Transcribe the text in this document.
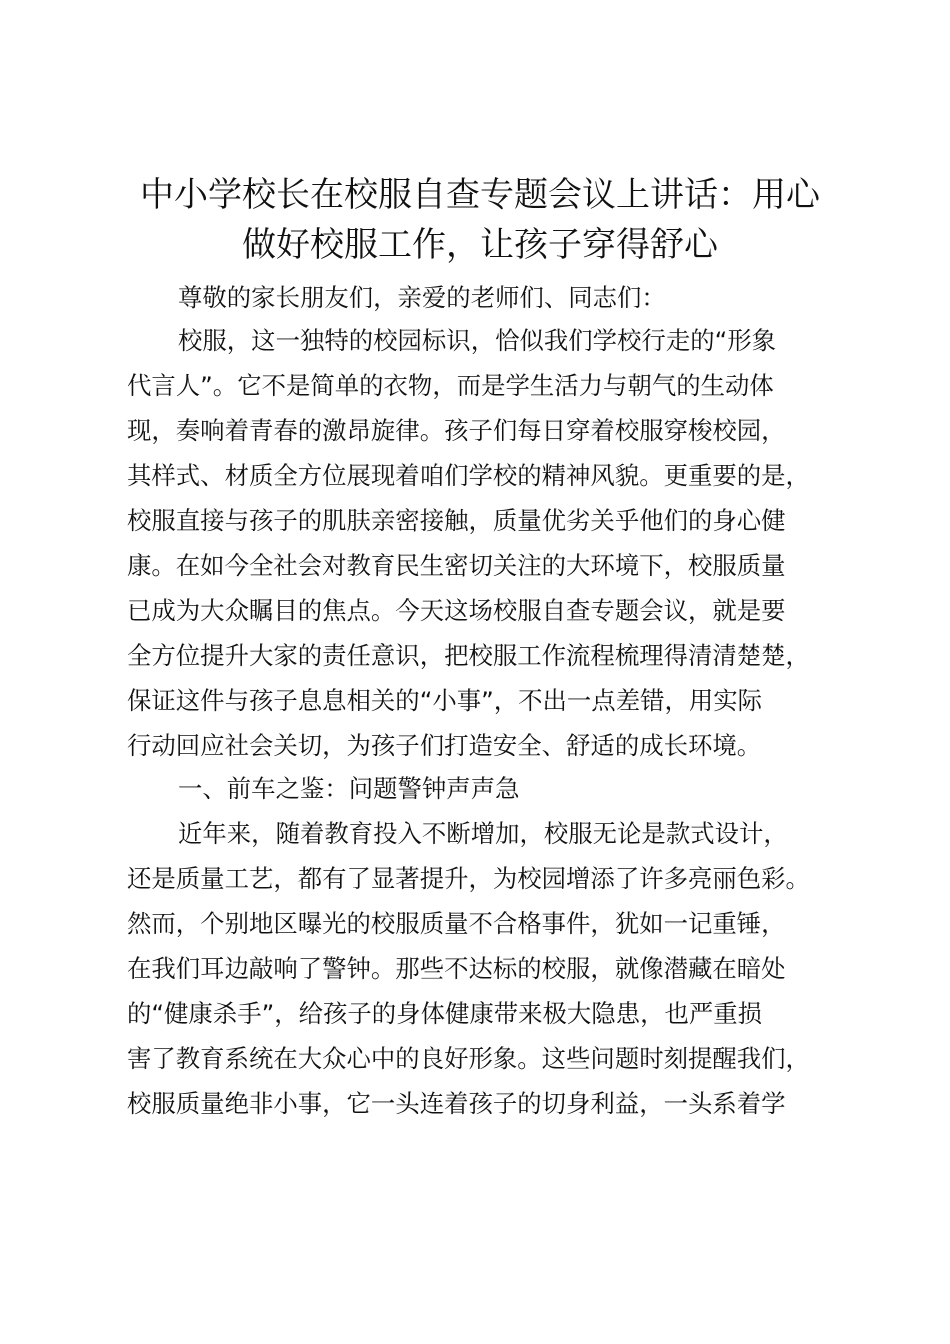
中小学校长在校服自查专题会议上讲话：用心
做好校服工作，让孩子穿得舒心

尊敬的家长朋友们，亲爱的老师们、同志们：

校服，这一独特的校园标识，恰似我们学校行走的“形象

代言人”。它不是简单的衣物，而是学生活力与朝气的生动体

现，奏响着青春的激昂旋律。孩子们每日穿着校服穿梭校园，

其样式、材质全方位展现着咱们学校的精神风貌。更重要的是，

校服直接与孩子的肌肤亲密接触，质量优劣关乎他们的身心健

康。在如今全社会对教育民生密切关注的大环境下，校服质量

已成为大众瞩目的焦点。今天这场校服自查专题会议，就是要

全方位提升大家的责任意识，把校服工作流程梳理得清清楚楚，

保证这件与孩子息息相关的“小事”，不出一点差错，用实际

行动回应社会关切，为孩子们打造安全、舒适的成长环境。

一、前车之鉴：问题警钟声声急

近年来，随着教育投入不断增加，校服无论是款式设计，

还是质量工艺，都有了显著提升，为校园增添了许多亮丽色彩。

然而，个别地区曝光的校服质量不合格事件，犹如一记重锤，

在我们耳边敲响了警钟。那些不达标的校服，就像潜藏在暗处

的“健康杀手”，给孩子的身体健康带来极大隐患，也严重损

害了教育系统在大众心中的良好形象。这些问题时刻提醒我们，

校服质量绝非小事，它一头连着孩子的切身利益，一头系着学
